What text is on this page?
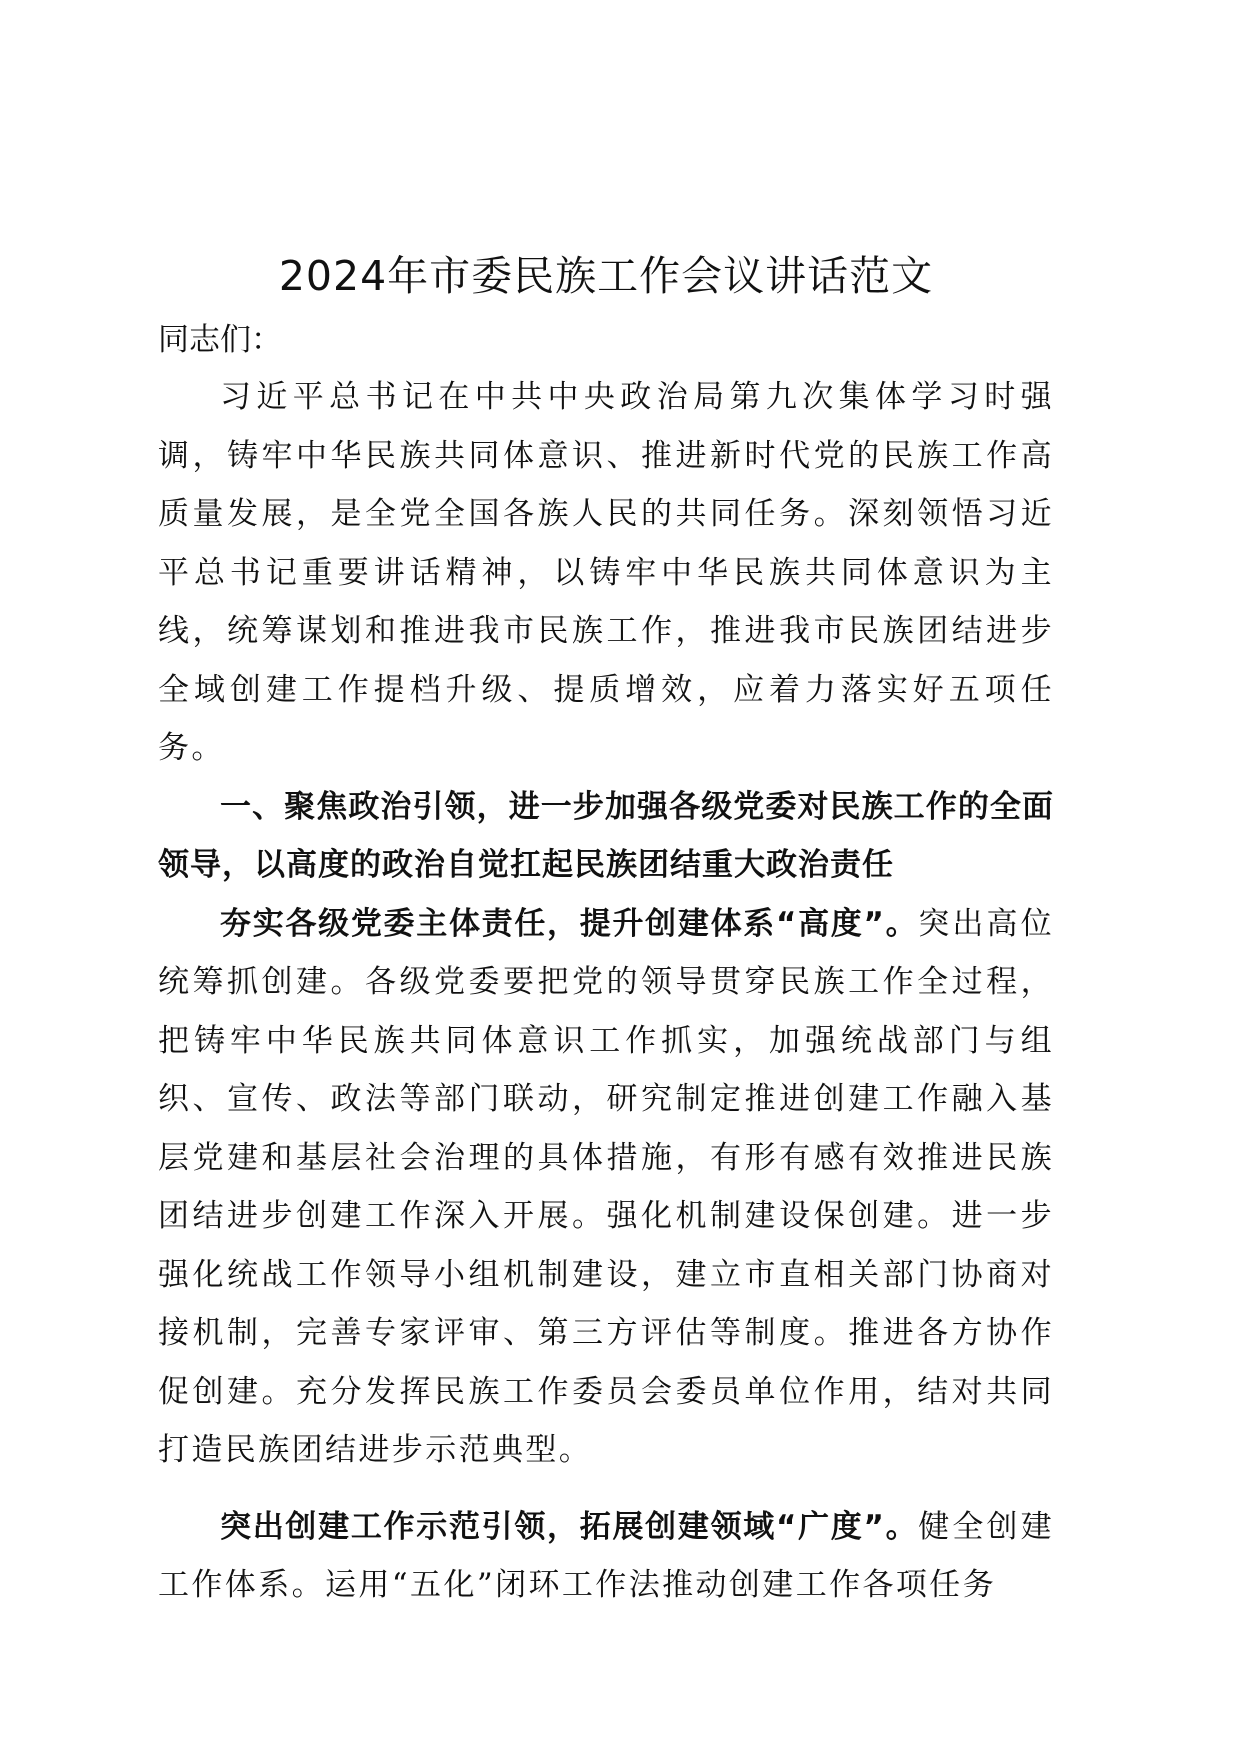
2024年市委民族工作会议讲话范文

同志们：

习近平总书记在中共中央政治局第九次集体学习时强调，铸牢中华民族共同体意识、推进新时代党的民族工作高质量发展，是全党全国各族人民的共同任务。深刻领悟习近平总书记重要讲话精神，以铸牢中华民族共同体意识为主线，统筹谋划和推进我市民族工作，推进我市民族团结进步全域创建工作提档升级、提质增效，应着力落实好五项任务。

一、聚焦政治引领，进一步加强各级党委对民族工作的全面领导，以高度的政治自觉扛起民族团结重大政治责任

夯实各级党委主体责任，提升创建体系“高度”。突出高位统筹抓创建。各级党委要把党的领导贯穿民族工作全过程，把铸牢中华民族共同体意识工作抓实，加强统战部门与组织、宣传、政法等部门联动，研究制定推进创建工作融入基层党建和基层社会治理的具体措施，有形有感有效推进民族团结进步创建工作深入开展。强化机制建设保创建。进一步强化统战工作领导小组机制建设，建立市直相关部门协商对接机制，完善专家评审、第三方评估等制度。推进各方协作促创建。充分发挥民族工作委员会委员单位作用，结对共同打造民族团结进步示范典型。

突出创建工作示范引领，拓展创建领域“广度”。健全创建工作体系。运用“五化”闭环工作法推动创建工作各项任务
